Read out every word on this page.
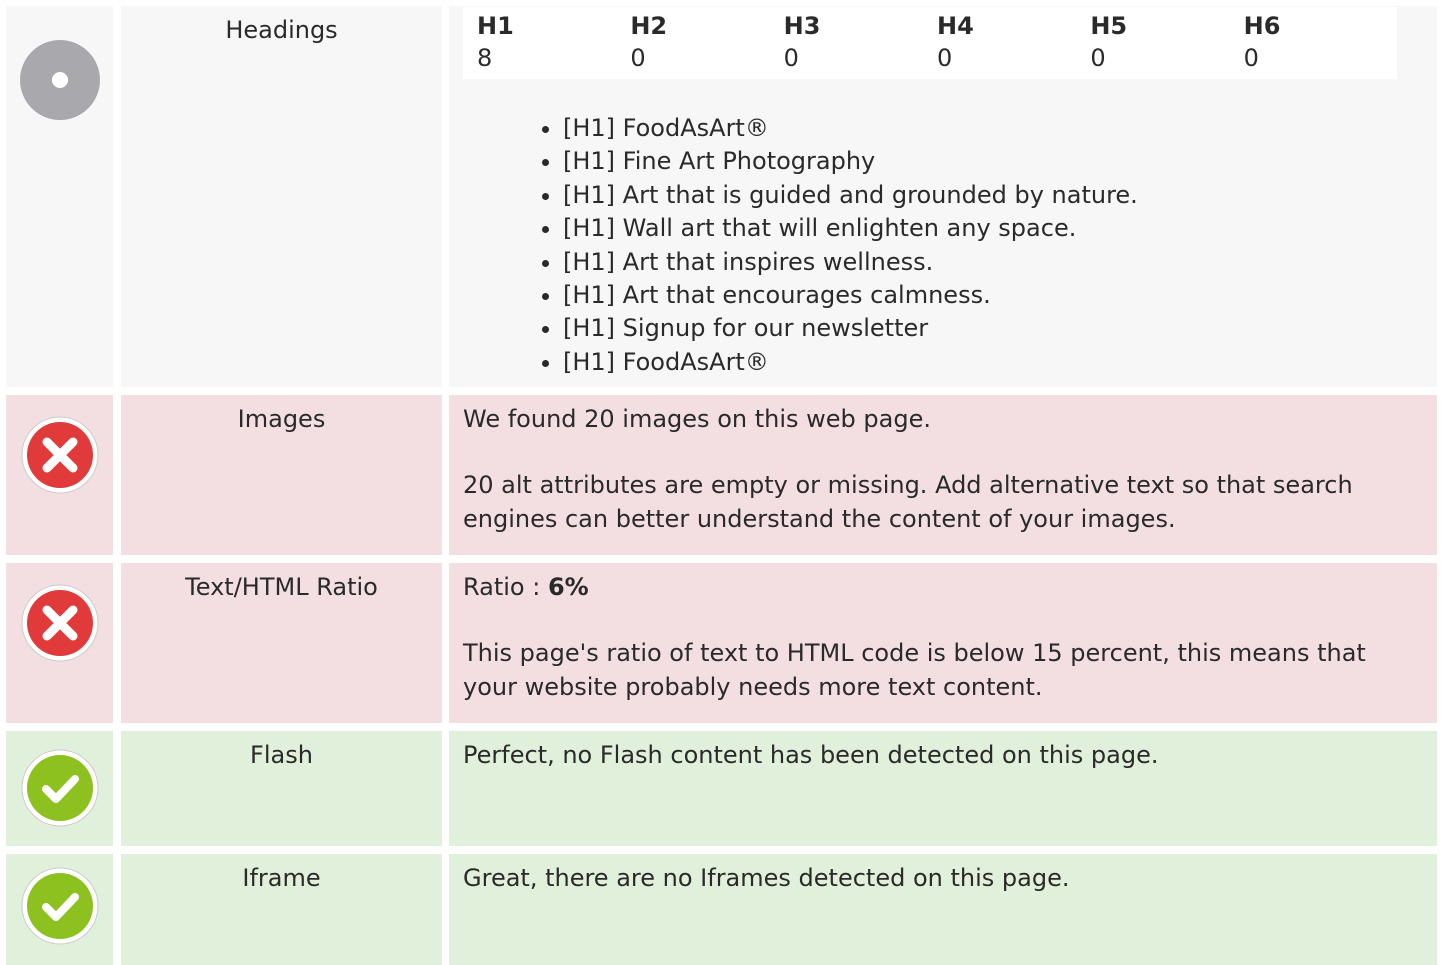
Headings	H1	H2	H3	H4	H5	H6
8	0	0	0	0	0
• [H1] FoodAsArt®
• [H1] Fine Art Photography
• [H1] Art that is guided and grounded by nature.
• [H1] Wall art that will enlighten any space.
• [H1] Art that inspires wellness.
• [H1] Art that encourages calmness.
• [H1] Signup for our newsletter
• [H1] FoodAsArt®
Images	We found 20 images on this web page.

20 alt attributes are empty or missing. Add alternative text so that search engines can better understand the content of your images.

Text/HTML Ratio	Ratio : 6%

This page's ratio of text to HTML code is below 15 percent, this means that your website probably needs more text content.

Flash	Perfect, no Flash content has been detected on this page.

Iframe	Great, there are no Iframes detected on this page.
